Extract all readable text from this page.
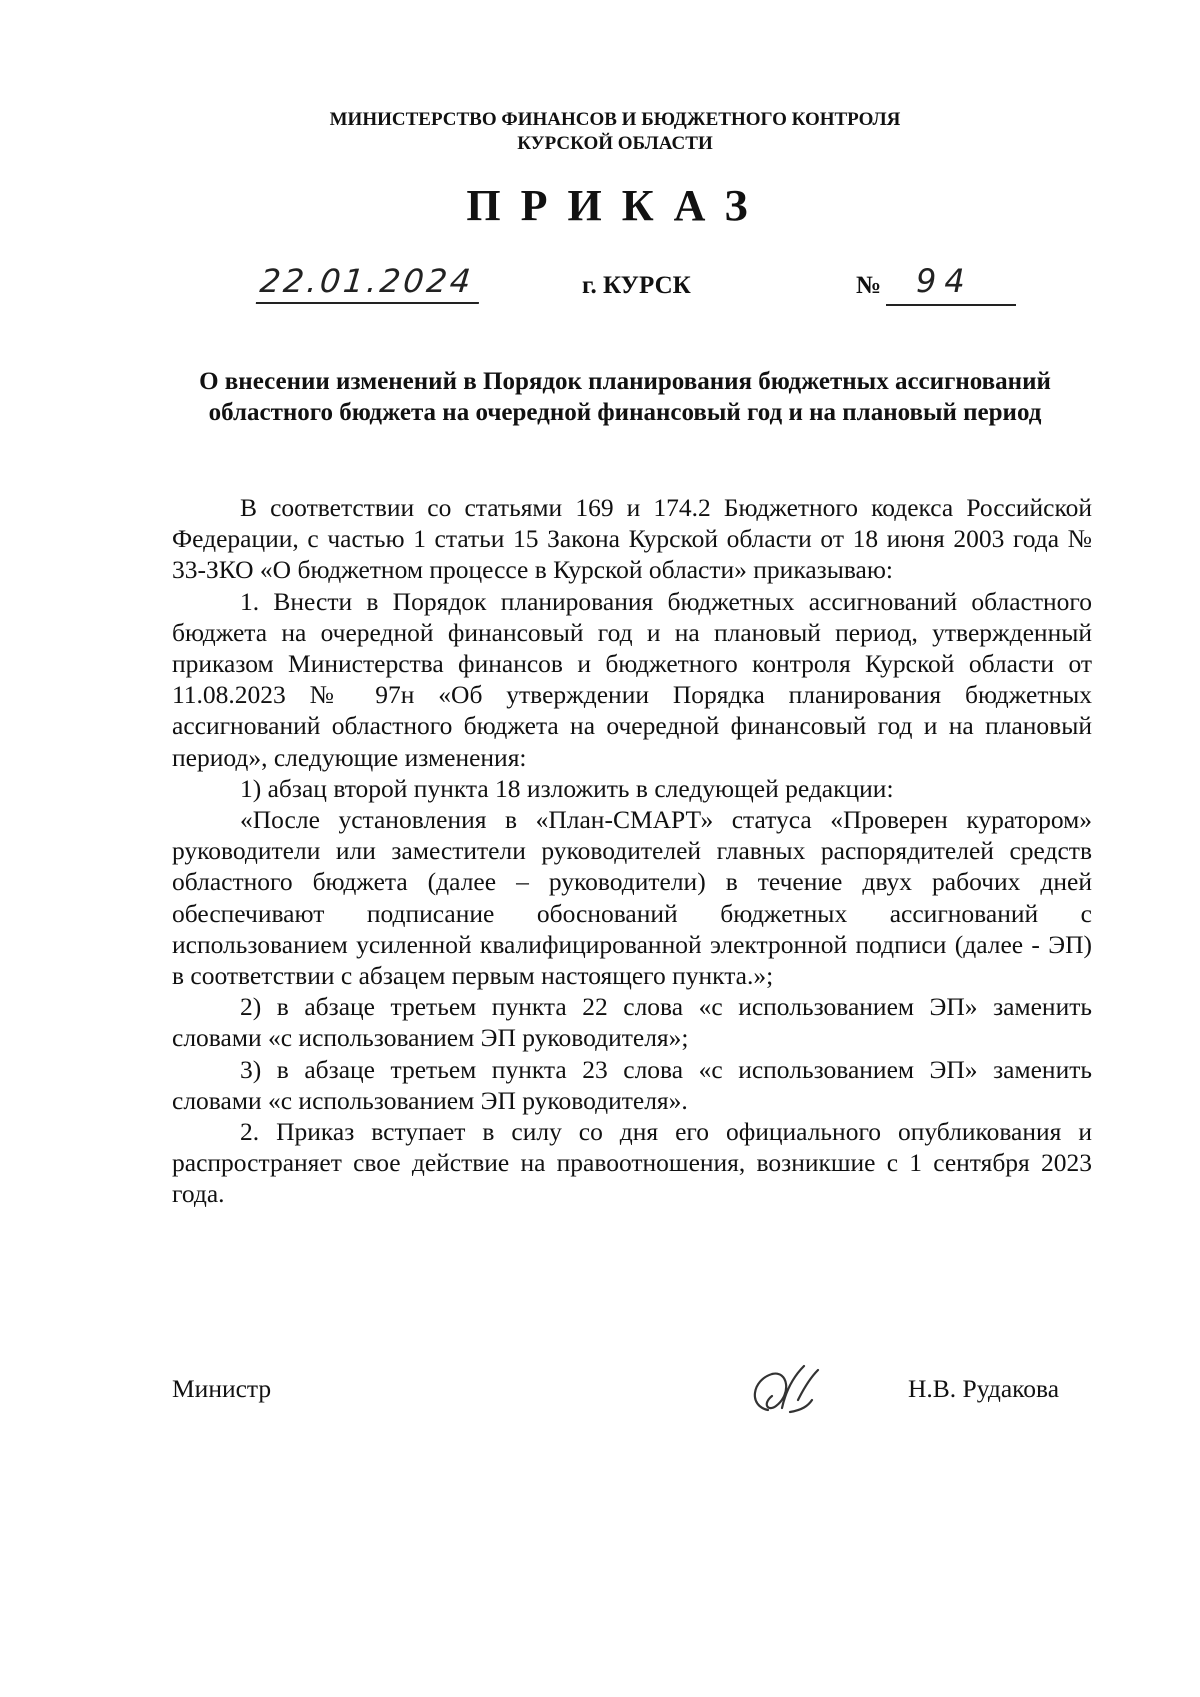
МИНИСТЕРСТВО ФИНАНСОВ И БЮДЖЕТНОГО КОНТРОЛЯ
КУРСКОЙ ОБЛАСТИ
ПРИКАЗ
22.01.2024	г. КУРСК	№	94
О внесении изменений в Порядок планирования бюджетных ассигнований областного бюджета на очередной финансовый год и на плановый период

В соответствии со статьями 169 и 174.2 Бюджетного кодекса Российской Федерации, с частью 1 статьи 15 Закона Курской области от 18 июня 2003 года № 33-ЗКО «О бюджетном процессе в Курской области» приказываю:

1. Внести в Порядок планирования бюджетных ассигнований областного бюджета на очередной финансовый год и на плановый период, утвержденный приказом Министерства финансов и бюджетного контроля Курской области от 11.08.2023 № 97н «Об утверждении Порядка планирования бюджетных ассигнований областного бюджета на очередной финансовый год и на плановый период», следующие изменения:

1) абзац второй пункта 18 изложить в следующей редакции:

«После установления в «План-СМАРТ» статуса «Проверен куратором» руководители или заместители руководителей главных распорядителей средств областного бюджета (далее – руководители) в течение двух рабочих дней обеспечивают подписание обоснований бюджетных ассигнований с использованием усиленной квалифицированной электронной подписи (далее - ЭП) в соответствии с абзацем первым настоящего пункта.»;

2) в абзаце третьем пункта 22 слова «с использованием ЭП» заменить словами «с использованием ЭП руководителя»;

3) в абзаце третьем пункта 23 слова «с использованием ЭП» заменить словами «с использованием ЭП руководителя».

2. Приказ вступает в силу со дня его официального опубликования и распространяет свое действие на правоотношения, возникшие с 1 сентября 2023 года.

Министр	Н.В. Рудакова
